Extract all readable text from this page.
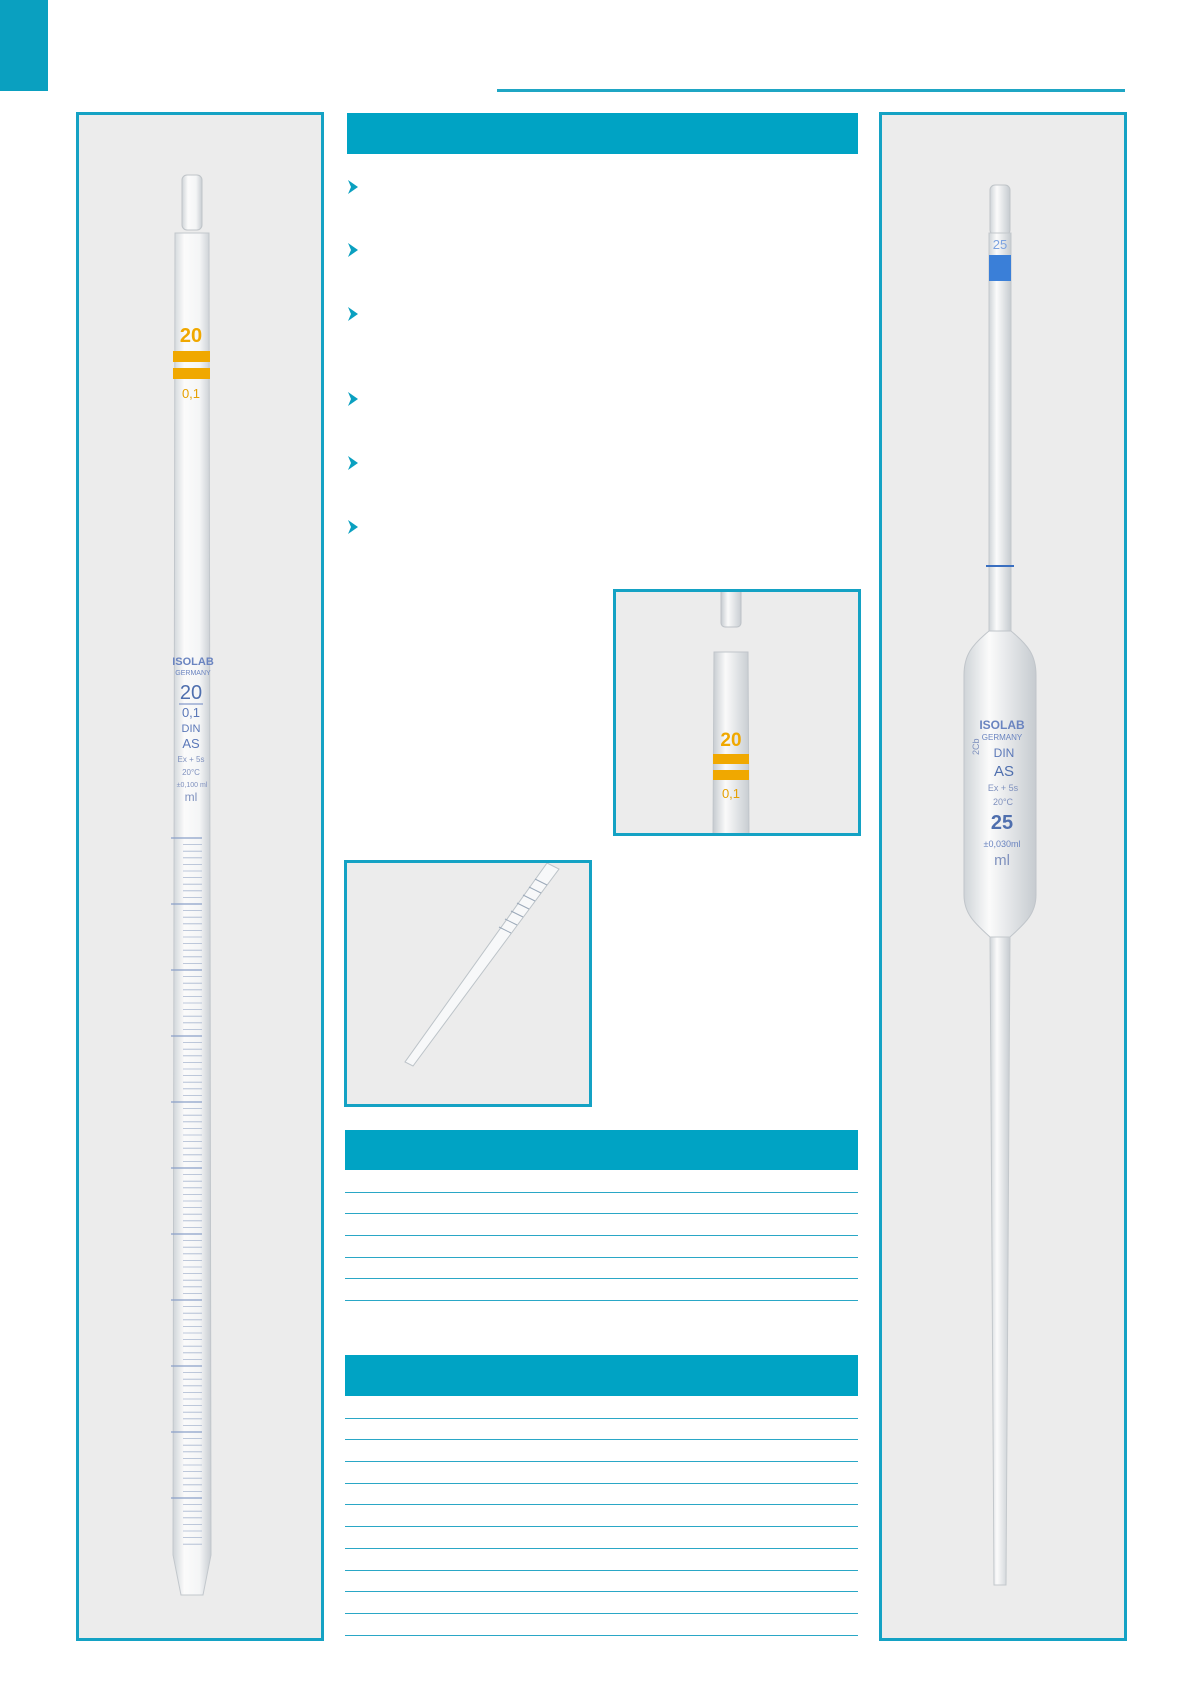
20
0,1
ISOLAB
GERMANY
20
0,1
DIN
AS
Ex + 5s
20°C
±0,100 ml
ml
20
0,1
25
ISOLAB
GERMANY
2Cb DIN
AS
Ex + 5s
20°C
25
±0,030ml
ml
